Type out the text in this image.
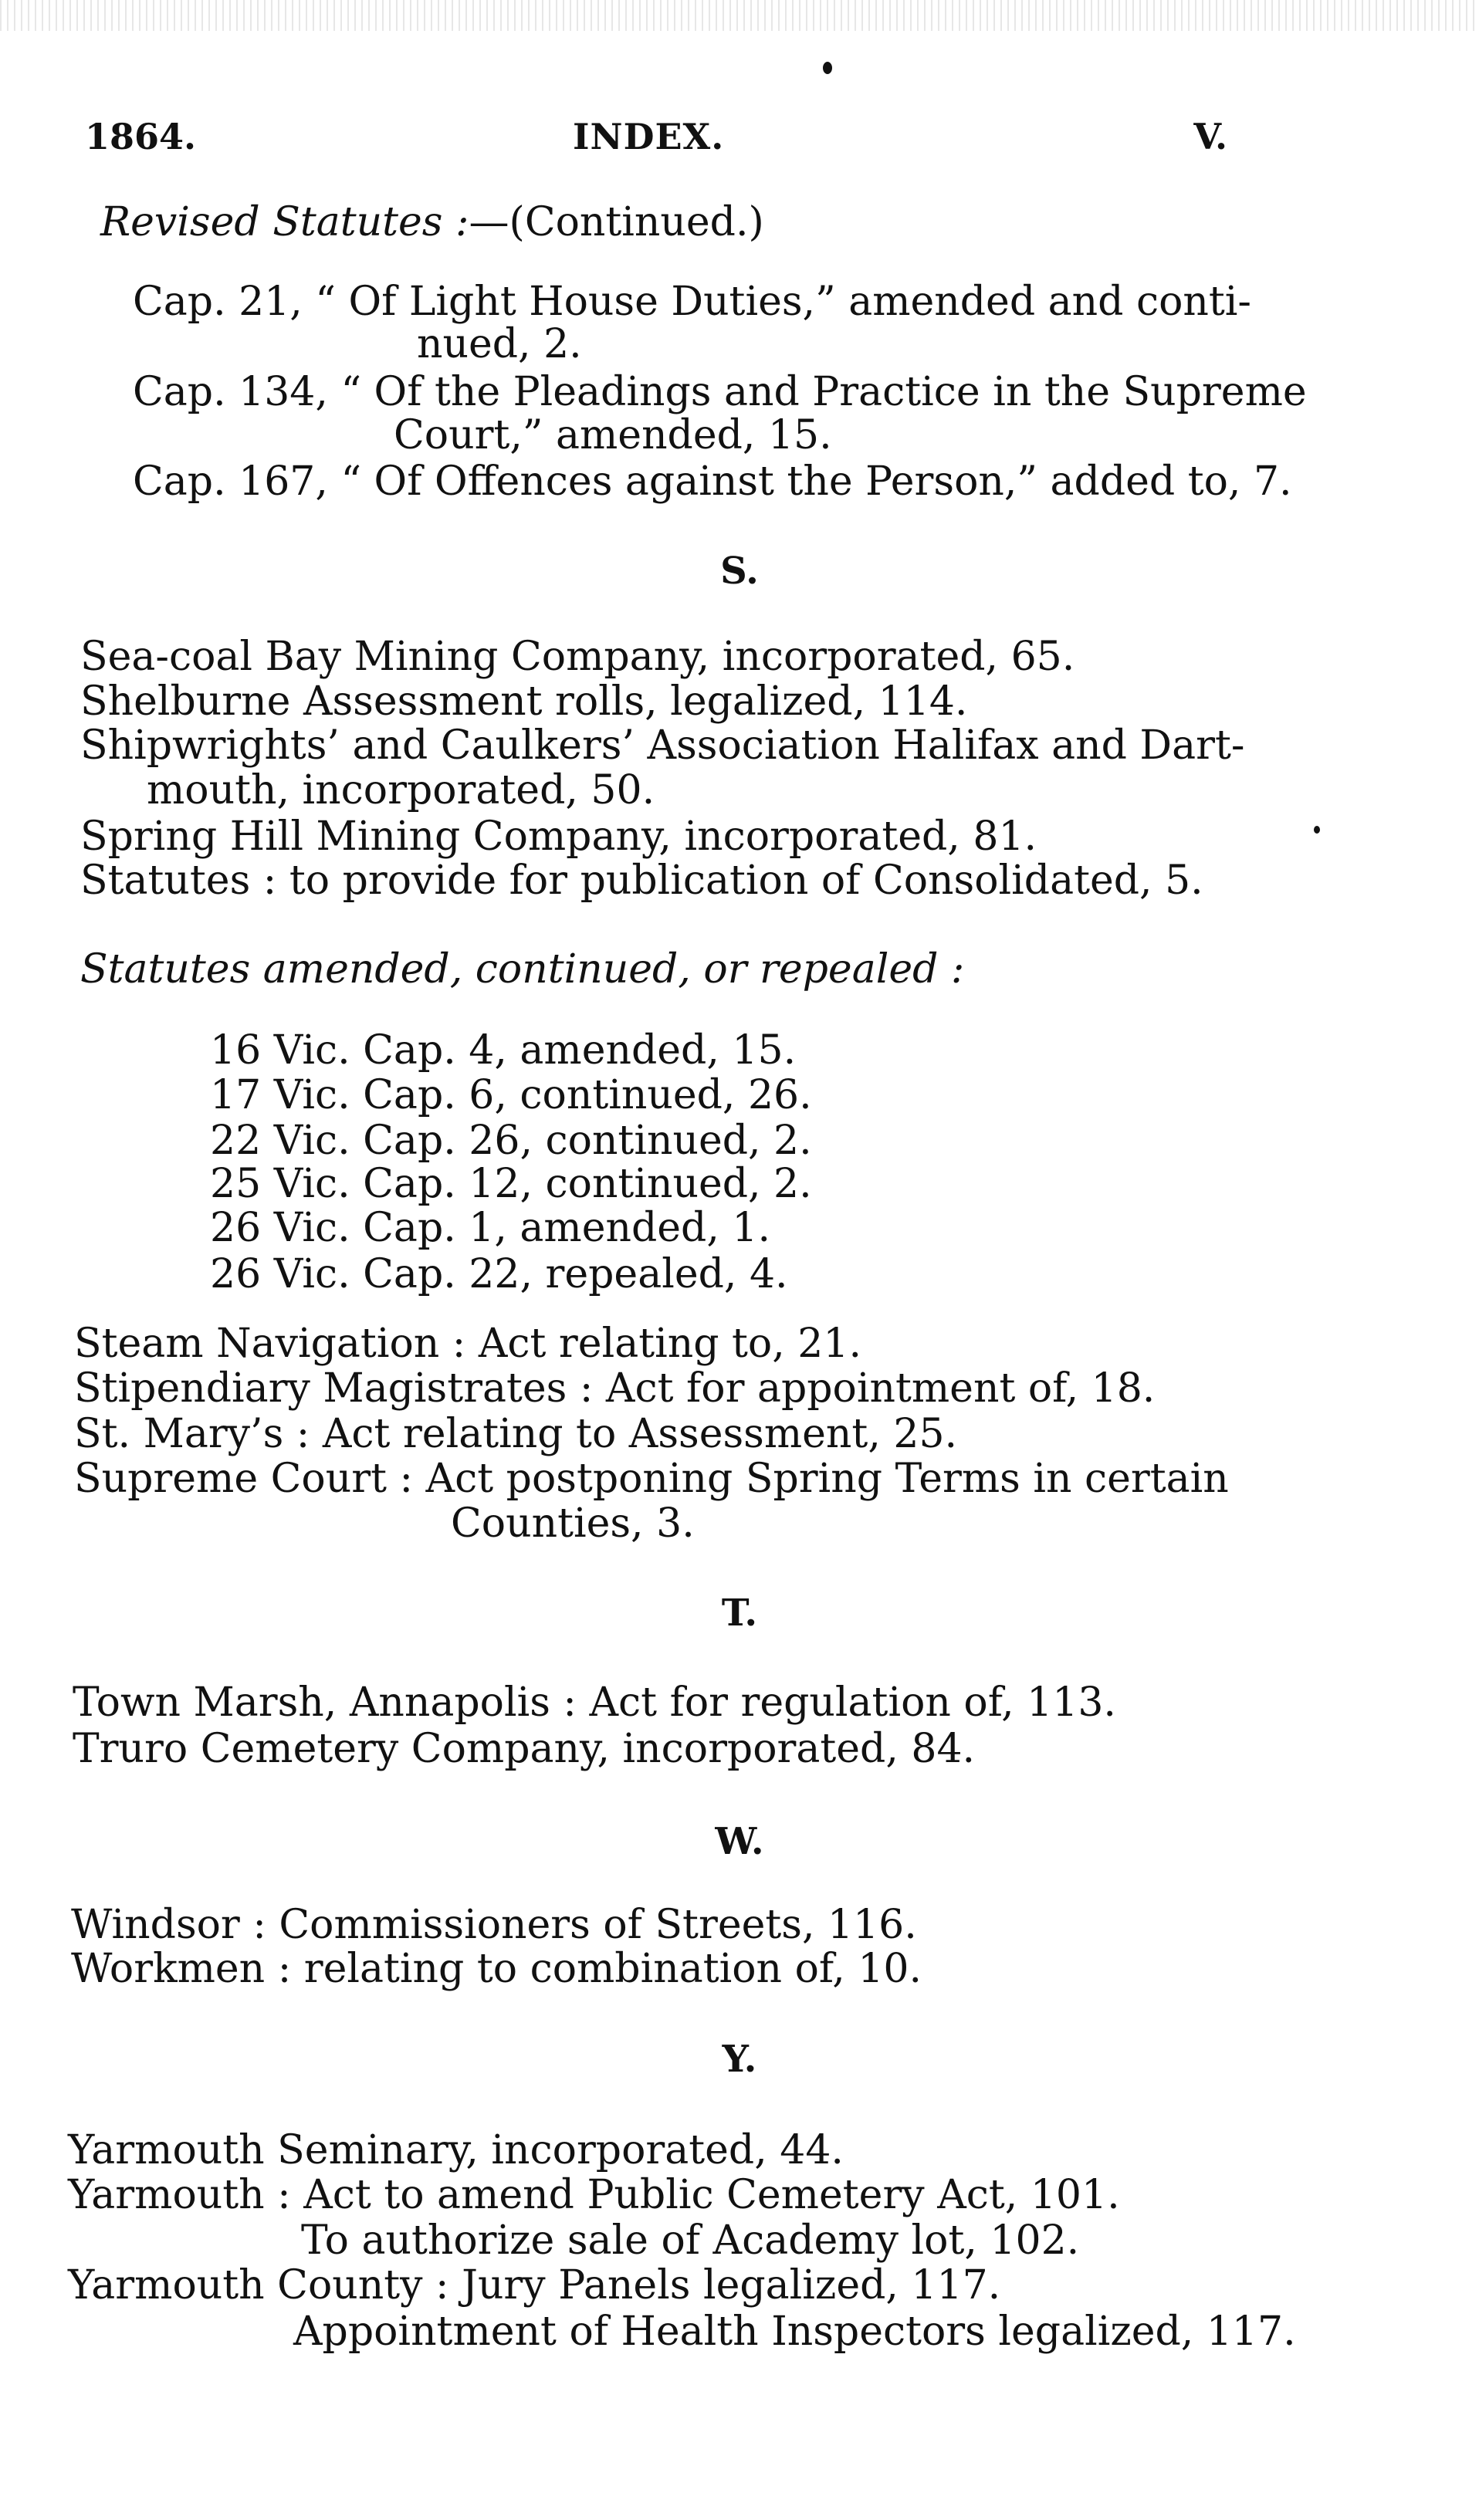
1864.	INDEX.	V.
Revised Statutes :—(Continued.)
Cap. 21, “ Of Light House Duties,” amended and conti-
nued, 2.
Cap. 134, “ Of the Pleadings and Practice in the Supreme
Court,” amended, 15.
Cap. 167, “ Of Offences against the Person,” added to, 7.
S.
Sea-coal Bay Mining Company, incorporated, 65.
Shelburne Assessment rolls, legalized, 114.
Shipwrights’ and Caulkers’ Association Halifax and Dart-
mouth, incorporated, 50.
Spring Hill Mining Company, incorporated, 81.
Statutes : to provide for publication of Consolidated, 5.
Statutes amended, continued, or repealed :
16 Vic. Cap. 4, amended, 15.
17 Vic. Cap. 6, continued, 26.
22 Vic. Cap. 26, continued, 2.
25 Vic. Cap. 12, continued, 2.
26 Vic. Cap. 1, amended, 1.
26 Vic. Cap. 22, repealed, 4.
Steam Navigation : Act relating to, 21.
Stipendiary Magistrates : Act for appointment of, 18.
St. Mary’s : Act relating to Assessment, 25.
Supreme Court : Act postponing Spring Terms in certain
Counties, 3.
T.
Town Marsh, Annapolis : Act for regulation of, 113.
Truro Cemetery Company, incorporated, 84.
W.
Windsor : Commissioners of Streets, 116.
Workmen : relating to combination of, 10.
Y.
Yarmouth Seminary, incorporated, 44.
Yarmouth : Act to amend Public Cemetery Act, 101.
To authorize sale of Academy lot, 102.
Yarmouth County : Jury Panels legalized, 117.
Appointment of Health Inspectors legalized, 117.
